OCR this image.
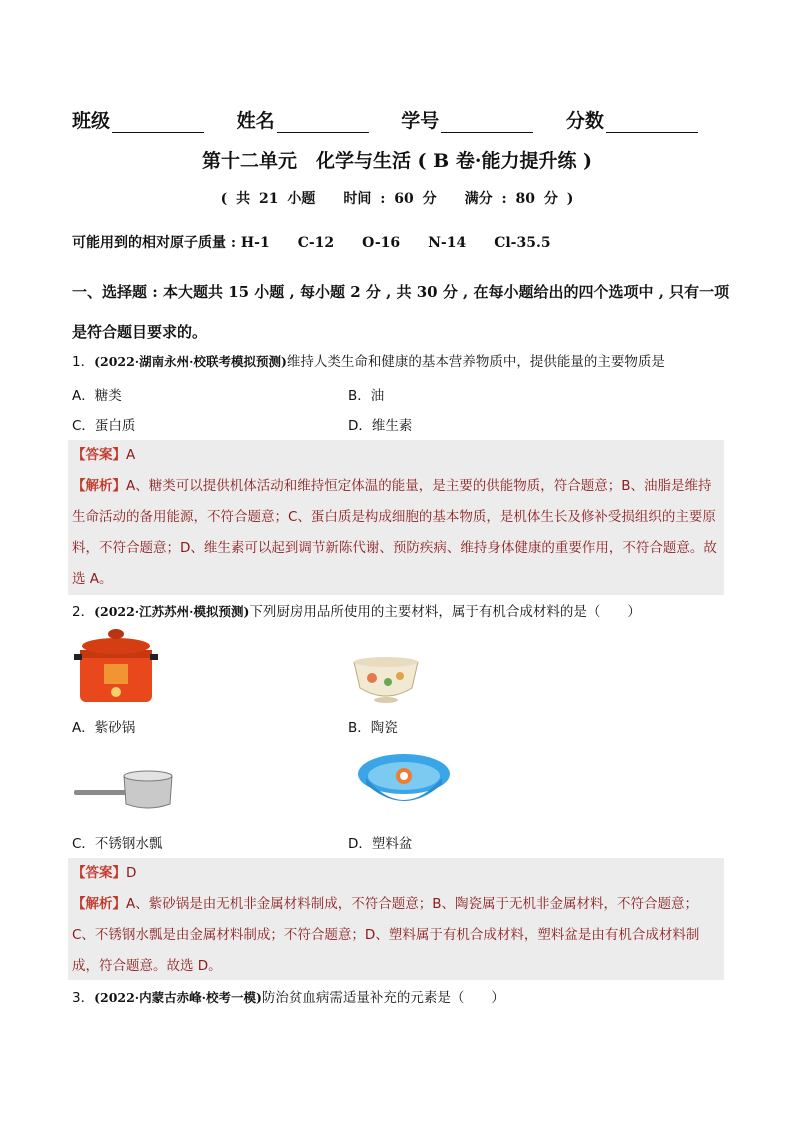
班级	姓名	学号	分数
第十二单元　化学与生活 ( B 卷·能力提升练 )
( 共 21 小题　　时间 : 60 分　　满分 : 80 分 )
可能用到的相对原子质量 : H-1　　C-12　　O-16　　N-14　　Cl-35.5
一、选择题 : 本大题共 15 小题 , 每小题 2 分 , 共 30 分 , 在每小题给出的四个选项中 , 只有一项是符合题目要求的。
1．(2022·湖南永州·校联考模拟预测)维持人类生命和健康的基本营养物质中，提供能量的主要物质是
A．糖类	B．油
C．蛋白质	D．维生素
【答案】A
【解析】A、糖类可以提供机体活动和维持恒定体温的能量，是主要的供能物质，符合题意；B、油脂是维持生命活动的备用能源，不符合题意；C、蛋白质是构成细胞的基本物质，是机体生长及修补受损组织的主要原料，不符合题意；D、维生素可以起到调节新陈代谢、预防疾病、维持身体健康的重要作用，不符合题意。故选 A。
2．(2022·江苏苏州·模拟预测)下列厨房用品所使用的主要材料，属于有机合成材料的是（　　）
A．紫砂锅	B．陶瓷
C．不锈钢水瓢	D．塑料盆
【答案】D
【解析】A、紫砂锅是由无机非金属材料制成，不符合题意；B、陶瓷属于无机非金属材料，不符合题意；C、不锈钢水瓢是由金属材料制成；不符合题意；D、塑料属于有机合成材料，塑料盆是由有机合成材料制成，符合题意。故选 D。
3．(2022·内蒙古赤峰·校考一模)防治贫血病需适量补充的元素是（　　）
